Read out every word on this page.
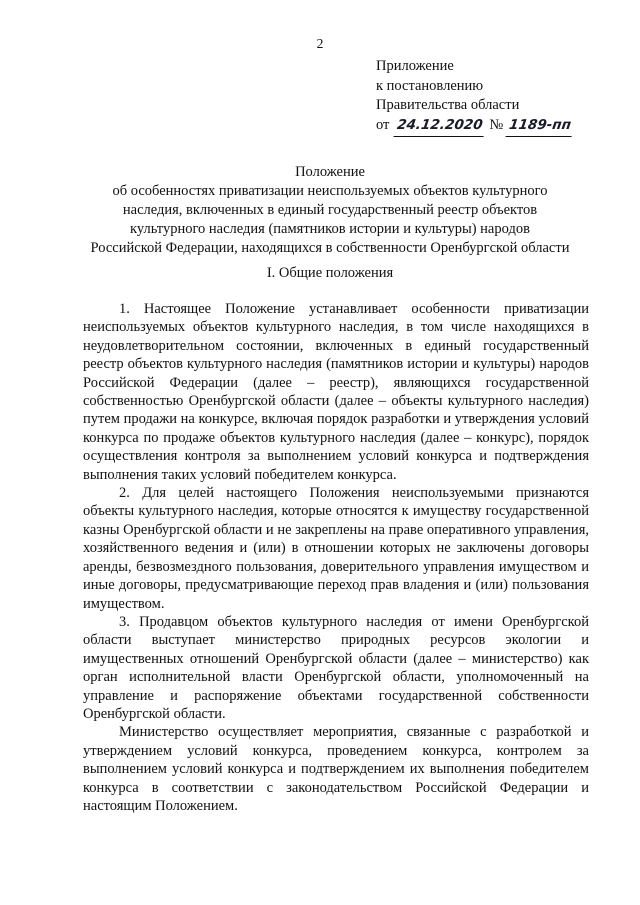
2
Приложение
к постановлению
Правительства области
от 24.12.2020 № 1189-пп
Положение
об особенностях приватизации неиспользуемых объектов культурного
наследия, включенных в единый государственный реестр объектов
культурного наследия (памятников истории и культуры) народов
Российской Федерации, находящихся в собственности Оренбургской области
I. Общие положения

1. Настоящее Положение устанавливает особенности приватизации неиспользуемых объектов культурного наследия, в том числе находящихся в неудовлетворительном состоянии, включенных в единый государственный реестр объектов культурного наследия (памятников истории и культуры) народов Российской Федерации (далее – реестр), являющихся государственной собственностью Оренбургской области (далее – объекты культурного наследия) путем продажи на конкурсе, включая порядок разработки и утверждения условий конкурса по продаже объектов культурного наследия (далее – конкурс), порядок осуществления контроля за выполнением условий конкурса и подтверждения выполнения таких условий победителем конкурса.

2. Для целей настоящего Положения неиспользуемыми признаются объекты культурного наследия, которые относятся к имуществу государственной казны Оренбургской области и не закреплены на праве оперативного управления, хозяйственного ведения и (или) в отношении которых не заключены договоры аренды, безвозмездного пользования, доверительного управления имуществом и иные договоры, предусматривающие переход прав владения и (или) пользования имуществом.

3. Продавцом объектов культурного наследия от имени Оренбургской области выступает министерство природных ресурсов экологии и имущественных отношений Оренбургской области (далее – министерство) как орган исполнительной власти Оренбургской области, уполномоченный на управление и распоряжение объектами государственной собственности Оренбургской области.

Министерство осуществляет мероприятия, связанные с разработкой и утверждением условий конкурса, проведением конкурса, контролем за выполнением условий конкурса и подтверждением их выполнения победителем конкурса в соответствии с законодательством Российской Федерации и настоящим Положением.
